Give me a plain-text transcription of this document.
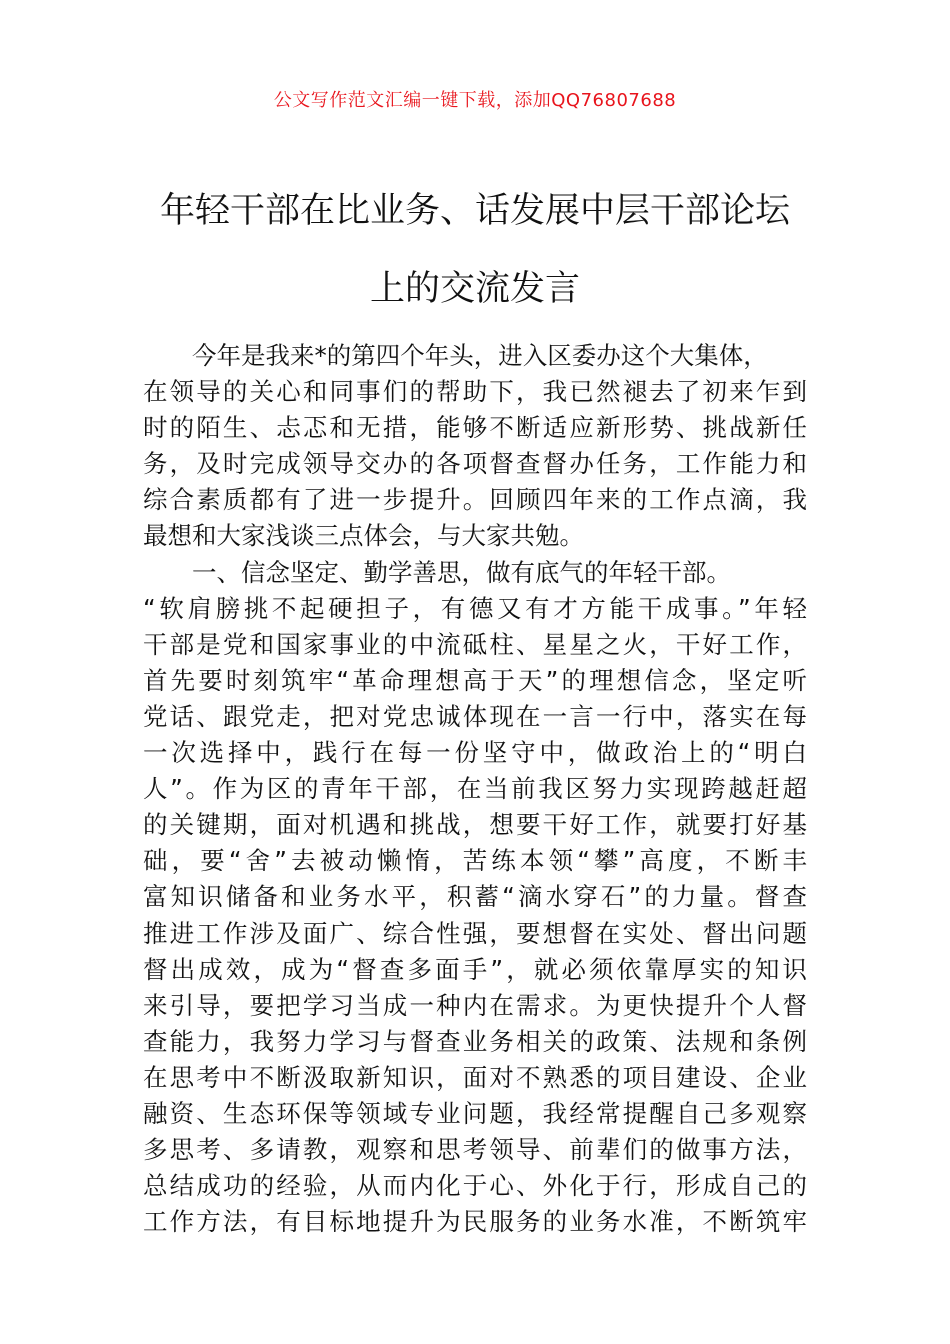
公文写作范文汇编一键下载，添加QQ76807688
年轻干部在比业务、话发展中层干部论坛
上的交流发言
　　今年是我来*的第四个年头，进入区委办这个大集体，
在领导的关心和同事们的帮助下，我已然褪去了初来乍到
时的陌生、忐忑和无措，能够不断适应新形势、挑战新任
务，及时完成领导交办的各项督查督办任务，工作能力和
综合素质都有了进一步提升。回顾四年来的工作点滴，我
最想和大家浅谈三点体会，与大家共勉。
　　一、信念坚定、勤学善思，做有底气的年轻干部。
“软肩膀挑不起硬担子，有德又有才方能干成事。”年轻
干部是党和国家事业的中流砥柱、星星之火，干好工作，
首先要时刻筑牢“革命理想高于天”的理想信念，坚定听
党话、跟党走，把对党忠诚体现在一言一行中，落实在每
一次选择中，践行在每一份坚守中，做政治上的“明白
人”。作为区的青年干部，在当前我区努力实现跨越赶超
的关键期，面对机遇和挑战，想要干好工作，就要打好基
础，要“舍”去被动懒惰，苦练本领“攀”高度，不断丰
富知识储备和业务水平，积蓄“滴水穿石”的力量。督查
推进工作涉及面广、综合性强，要想督在实处、督出问题
督出成效，成为“督查多面手”，就必须依靠厚实的知识
来引导，要把学习当成一种内在需求。为更快提升个人督
查能力，我努力学习与督查业务相关的政策、法规和条例
在思考中不断汲取新知识，面对不熟悉的项目建设、企业
融资、生态环保等领域专业问题，我经常提醒自己多观察
多思考、多请教，观察和思考领导、前辈们的做事方法，
总结成功的经验，从而内化于心、外化于行，形成自己的
工作方法，有目标地提升为民服务的业务水准，不断筑牢
